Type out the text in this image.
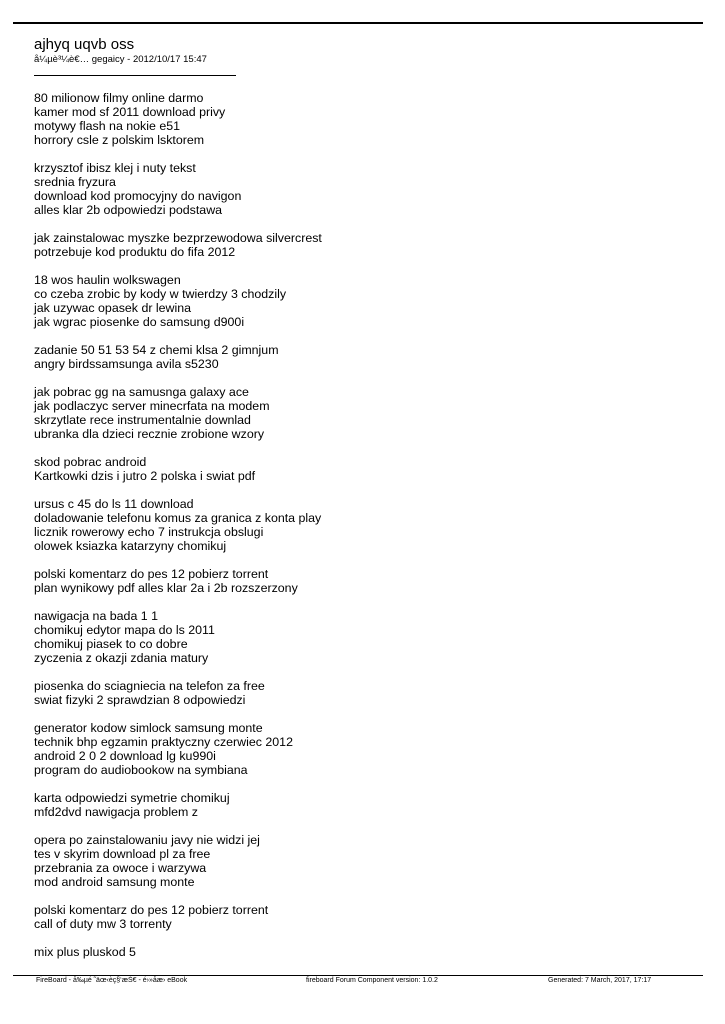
ajhyq uqvb oss
å¼µè³¼è€… gegaicy - 2012/10/17 15:47
80 milionow filmy online darmo
kamer mod sf 2011 download privy
motywy flash na nokie e51
horrory csle z polskim lsktorem
krzysztof ibisz klej i nuty tekst
srednia fryzura
download kod promocyjny do navigon
alles klar 2b odpowiedzi podstawa
jak zainstalowac myszke bezprzewodowa silvercrest
potrzebuje kod produktu do fifa 2012
18 wos haulin wolkswagen
co czeba zrobic by kody w twierdzy 3 chodzily
jak uzywac opasek dr lewina
jak wgrac piosenke do samsung d900i
zadanie 50 51 53 54 z chemi klsa 2 gimnjum
angry birdssamsunga avila s5230
jak pobrac gg na samusnga galaxy ace
jak podlaczyc server minecrfata na modem
skrzytlate rece instrumentalnie downlad
ubranka dla dzieci recznie zrobione wzory
skod pobrac android
Kartkowki dzis i jutro 2 polska i swiat pdf
ursus c 45 do ls 11 download
doladowanie telefonu komus za granica z konta play
licznik rowerowy echo 7 instrukcja obslugi
olowek ksiazka katarzyny chomikuj
polski komentarz do pes 12 pobierz torrent
plan wynikowy pdf alles klar 2a i 2b rozszerzony
nawigacja na bada 1 1
chomikuj edytor mapa do ls 2011
chomikuj piasek to co dobre
zyczenia z okazji zdania matury
piosenka do sciagniecia na telefon za free
swiat fizyki 2 sprawdzian 8 odpowiedzi
generator kodow simlock samsung monte
technik bhp egzamin praktyczny czerwiec 2012
android 2 0 2 download lg ku990i
program do audiobookow na symbiana
karta odpowiedzi symetrie chomikuj
mfd2dvd nawigacja problem z
opera po zainstalowaniu javy nie widzi jej
tes v skyrim download pl za free
przebrania za owoce i warzywa
mod android samsung monte
polski komentarz do pes 12 pobierz torrent
call of duty mw 3 torrenty
mix plus pluskod 5
FireBoard - å‰µé ˜äœ‹èç§‘æŠ€ - é›»åæ› eBook	fireboard Forum Component version: 1.0.2	Generated: 7 March, 2017, 17:17
